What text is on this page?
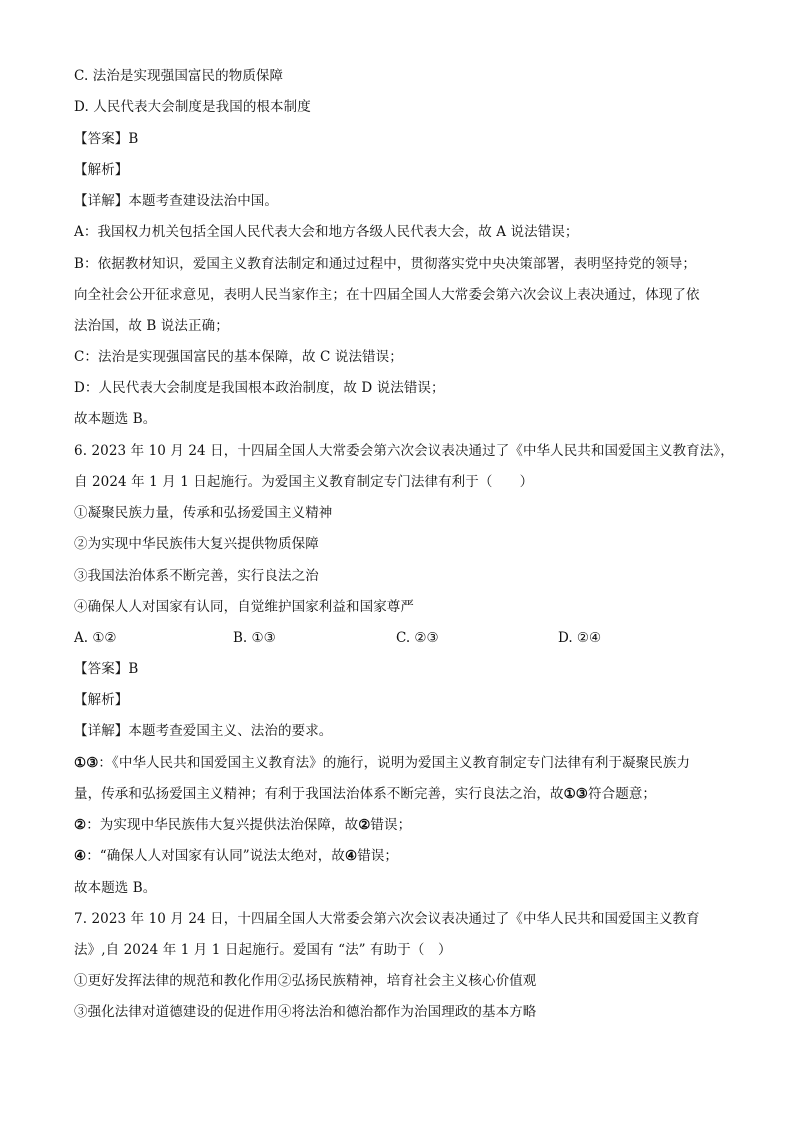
C. 法治是实现强国富民的物质保障
D. 人民代表大会制度是我国的根本制度
【答案】B
【解析】
【详解】本题考查建设法治中国。
A：我国权力机关包括全国人民代表大会和地方各级人民代表大会，故 A 说法错误；
B：依据教材知识，爱国主义教育法制定和通过过程中，贯彻落实党中央决策部署，表明坚持党的领导；
向全社会公开征求意见，表明人民当家作主；在十四届全国人大常委会第六次会议上表决通过，体现了依
法治国，故 B 说法正确；
C：法治是实现强国富民的基本保障，故 C 说法错误；
D：人民代表大会制度是我国根本政治制度，故 D 说法错误；
故本题选 B。
6. 2023 年 10 月 24 日，十四届全国人大常委会第六次会议表决通过了《中华人民共和国爱国主义教育法》，
自 2024 年 1 月 1 日起施行。为爱国主义教育制定专门法律有利于（　　）
①凝聚民族力量，传承和弘扬爱国主义精神
②为实现中华民族伟大复兴提供物质保障
③我国法治体系不断完善，实行良法之治
④确保人人对国家有认同，自觉维护国家利益和国家尊严
A. ①②	B. ①③	C. ②③	D. ②④
【答案】B
【解析】
【详解】本题考查爱国主义、法治的要求。
①③：《中华人民共和国爱国主义教育法》的施行，说明为爱国主义教育制定专门法律有利于凝聚民族力
量，传承和弘扬爱国主义精神；有利于我国法治体系不断完善，实行良法之治，故①③符合题意；
②：为实现中华民族伟大复兴提供法治保障，故②错误；
④：“确保人人对国家有认同”说法太绝对，故④错误；
故本题选 B。
7. 2023 年 10 月 24 日，十四届全国人大常委会第六次会议表决通过了《中华人民共和国爱国主义教育
法》,自 2024 年 1 月 1 日起施行。爱国有 “法” 有助于（　）
①更好发挥法律的规范和教化作用②弘扬民族精神，培育社会主义核心价值观
③强化法律对道德建设的促进作用④将法治和德治都作为治国理政的基本方略
